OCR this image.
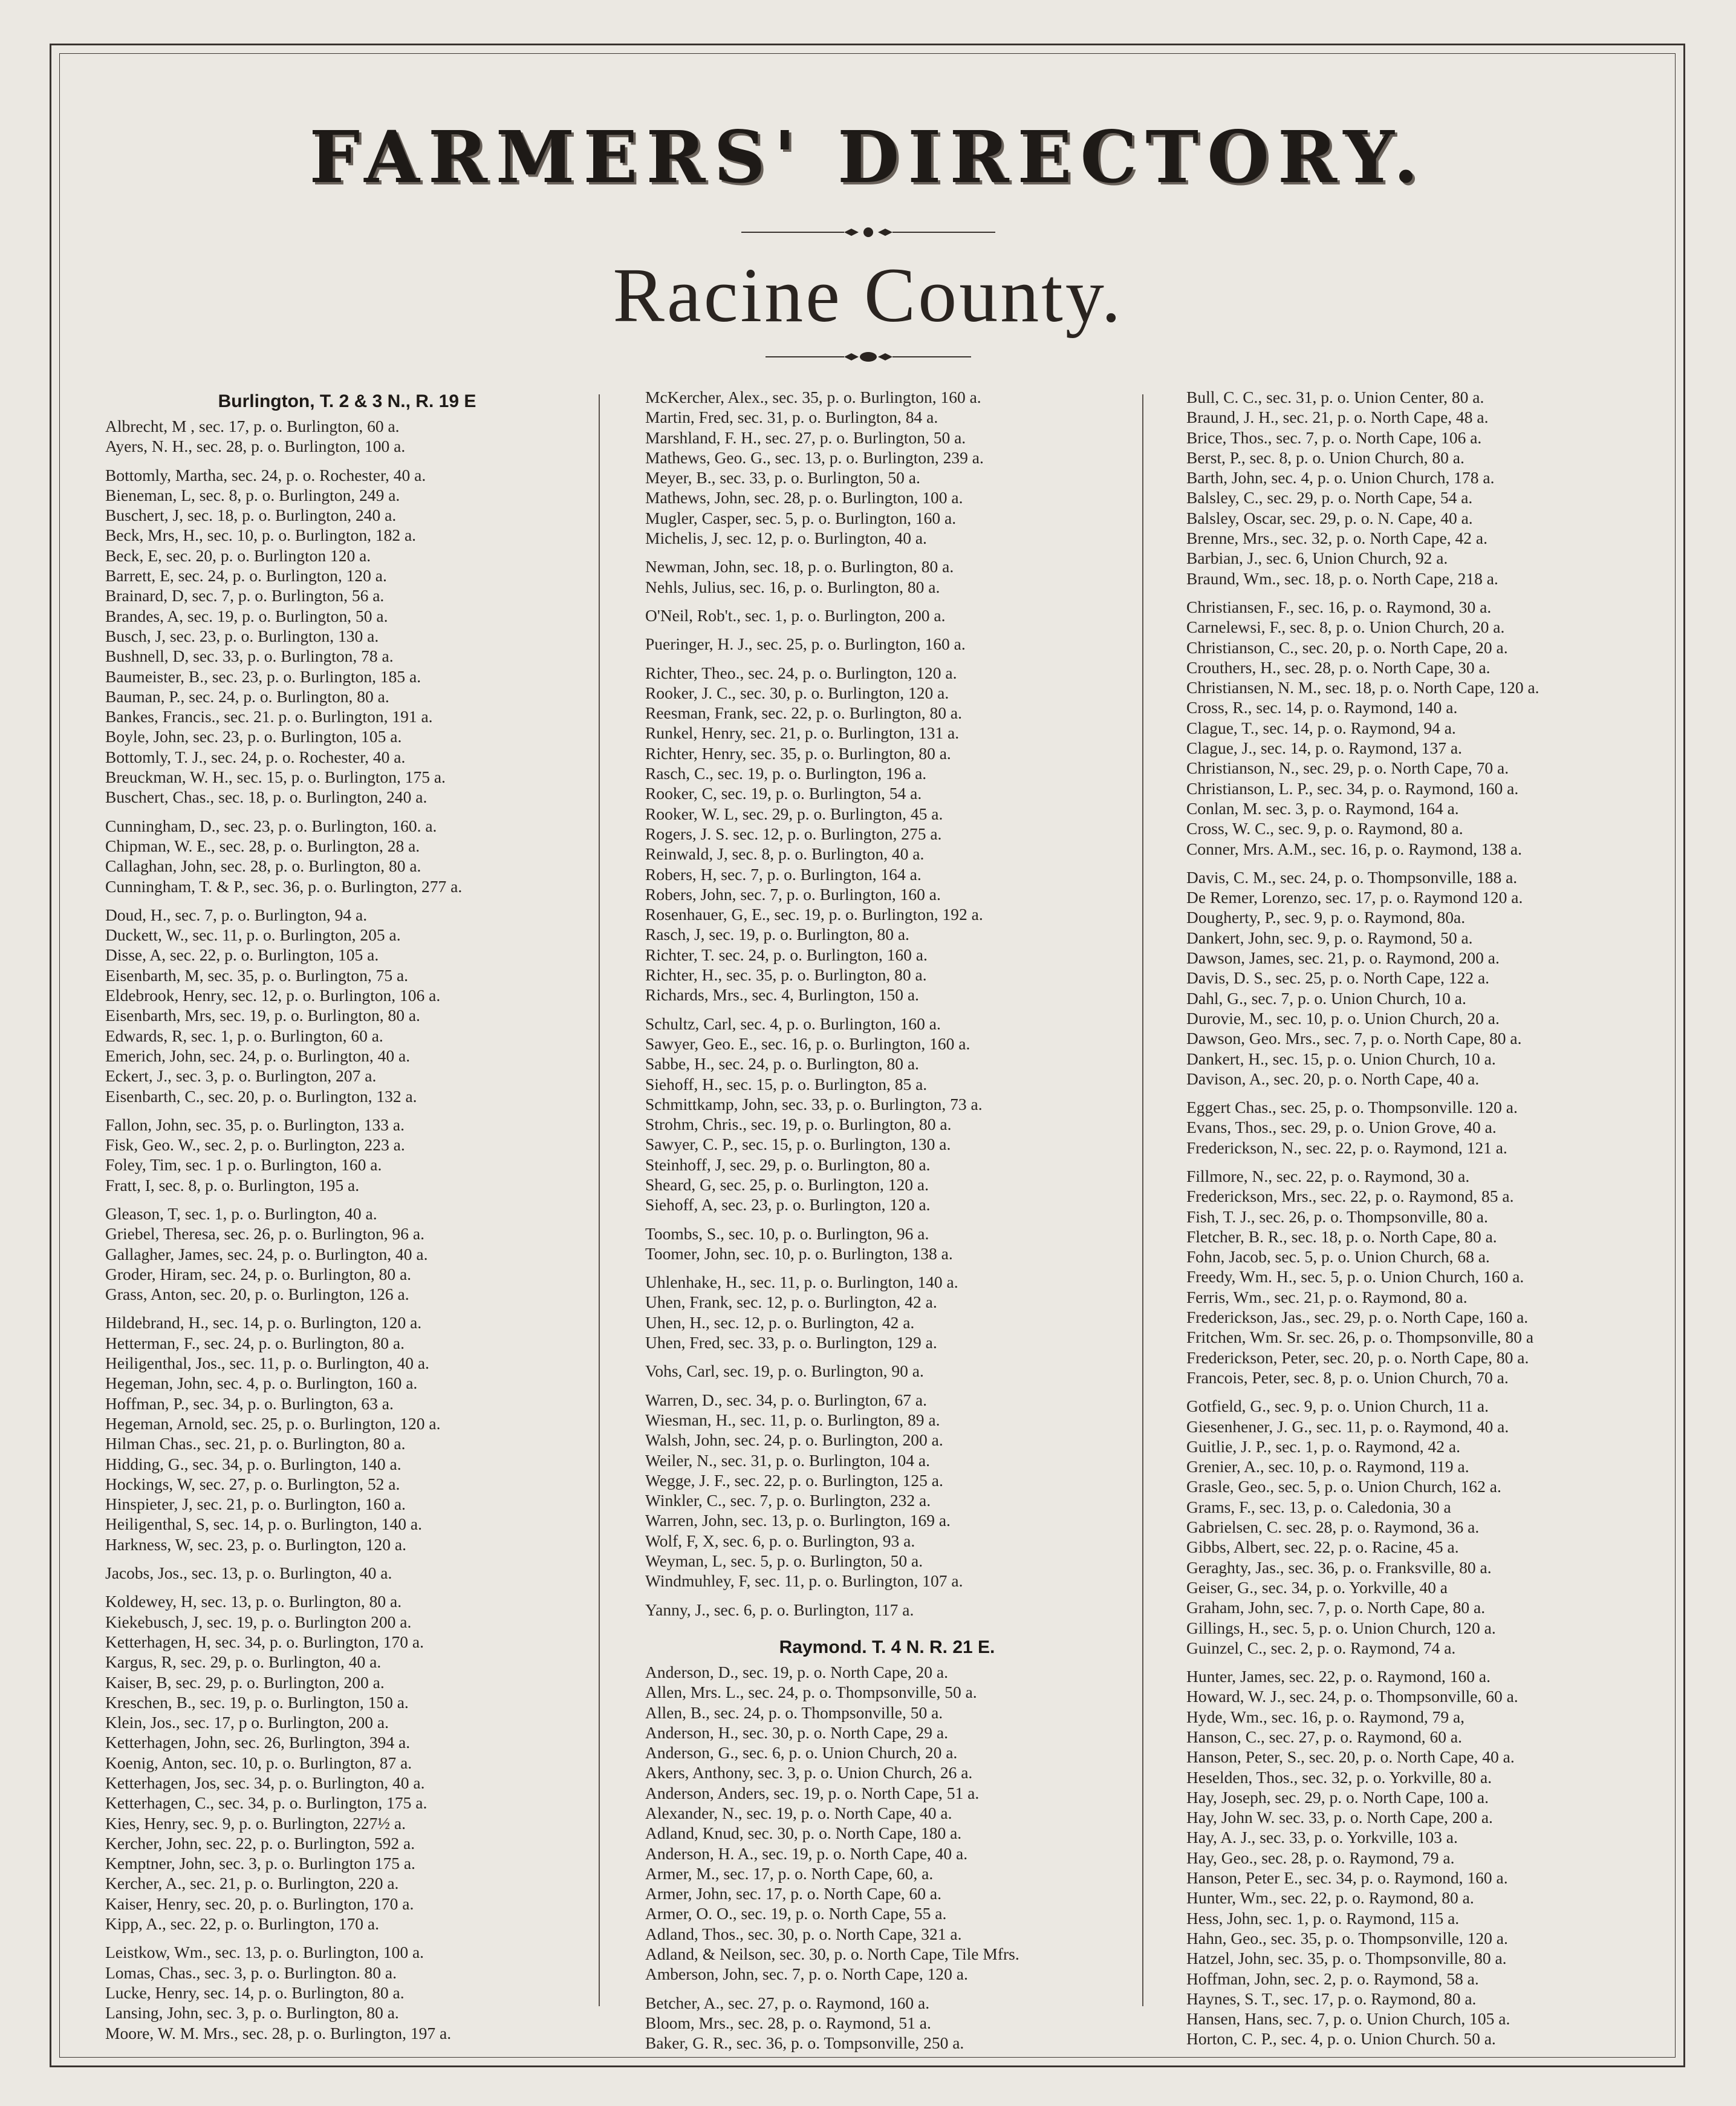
FARMERS' DIRECTORY.
Racine County.
Burlington, T. 2 & 3 N., R. 19 E
Albrecht, M , sec. 17, p. o. Burlington, 60 a.
Ayers, N. H., sec. 28, p. o. Burlington, 100 a.
Bottomly, Martha, sec. 24, p. o. Rochester, 40 a.
Bieneman, L, sec. 8, p. o. Burlington, 249 a.
Buschert, J, sec. 18, p. o. Burlington, 240 a.
Beck, Mrs, H., sec. 10, p. o. Burlington, 182 a.
Beck, E, sec. 20, p. o. Burlington 120 a.
Barrett, E, sec. 24, p. o. Burlington, 120 a.
Brainard, D, sec. 7, p. o. Burlington, 56 a.
Brandes, A, sec. 19, p. o. Burlington, 50 a.
Busch, J, sec. 23, p. o. Burlington, 130 a.
Bushnell, D, sec. 33, p. o. Burlington, 78 a.
Baumeister, B., sec. 23, p. o. Burlington, 185 a.
Bauman, P., sec. 24, p. o. Burlington, 80 a.
Bankes, Francis., sec. 21. p. o. Burlington, 191 a.
Boyle, John, sec. 23, p. o. Burlington, 105 a.
Bottomly, T. J., sec. 24, p. o. Rochester, 40 a.
Breuckman, W. H., sec. 15, p. o. Burlington, 175 a.
Buschert, Chas., sec. 18, p. o. Burlington, 240 a.
Cunningham, D., sec. 23, p. o. Burlington, 160. a.
Chipman, W. E., sec. 28, p. o. Burlington, 28 a.
Callaghan, John, sec. 28, p. o. Burlington, 80 a.
Cunningham, T. & P., sec. 36, p. o. Burlington, 277 a.
Doud, H., sec. 7, p. o. Burlington, 94 a.
Duckett, W., sec. 11, p. o. Burlington, 205 a.
Disse, A, sec. 22, p. o. Burlington, 105 a.
Eisenbarth, M, sec. 35, p. o. Burlington, 75 a.
Eldebrook, Henry, sec. 12, p. o. Burlington, 106 a.
Eisenbarth, Mrs, sec. 19, p. o. Burlington, 80 a.
Edwards, R, sec. 1, p. o. Burlington, 60 a.
Emerich, John, sec. 24, p. o. Burlington, 40 a.
Eckert, J., sec. 3, p. o. Burlington, 207 a.
Eisenbarth, C., sec. 20, p. o. Burlington, 132 a.
Fallon, John, sec. 35, p. o. Burlington, 133 a.
Fisk, Geo. W., sec. 2, p. o. Burlington, 223 a.
Foley, Tim, sec. 1 p. o. Burlington, 160 a.
Fratt, I, sec. 8, p. o. Burlington, 195 a.
Gleason, T, sec. 1, p. o. Burlington, 40 a.
Griebel, Theresa, sec. 26, p. o. Burlington, 96 a.
Gallagher, James, sec. 24, p. o. Burlington, 40 a.
Groder, Hiram, sec. 24, p. o. Burlington, 80 a.
Grass, Anton, sec. 20, p. o. Burlington, 126 a.
Hildebrand, H., sec. 14, p. o. Burlington, 120 a.
Hetterman, F., sec. 24, p. o. Burlington, 80 a.
Heiligenthal, Jos., sec. 11, p. o. Burlington, 40 a.
Hegeman, John, sec. 4, p. o. Burlington, 160 a.
Hoffman, P., sec. 34, p. o. Burlington, 63 a.
Hegeman, Arnold, sec. 25, p. o. Burlington, 120 a.
Hilman Chas., sec. 21, p. o. Burlington, 80 a.
Hidding, G., sec. 34, p. o. Burlington, 140 a.
Hockings, W, sec. 27, p. o. Burlington, 52 a.
Hinspieter, J, sec. 21, p. o. Burlington, 160 a.
Heiligenthal, S, sec. 14, p. o. Burlington, 140 a.
Harkness, W, sec. 23, p. o. Burlington, 120 a.
Jacobs, Jos., sec. 13, p. o. Burlington, 40 a.
Koldewey, H, sec. 13, p. o. Burlington, 80 a.
Kiekebusch, J, sec. 19, p. o. Burlington 200 a.
Ketterhagen, H, sec. 34, p. o. Burlington, 170 a.
Kargus, R, sec. 29, p. o. Burlington, 40 a.
Kaiser, B, sec. 29, p. o. Burlington, 200 a.
Kreschen, B., sec. 19, p. o. Burlington, 150 a.
Klein, Jos., sec. 17, p o. Burlington, 200 a.
Ketterhagen, John, sec. 26, Burlington, 394 a.
Koenig, Anton, sec. 10, p. o. Burlington, 87 a.
Ketterhagen, Jos, sec. 34, p. o. Burlington, 40 a.
Ketterhagen, C., sec. 34, p. o. Burlington, 175 a.
Kies, Henry, sec. 9, p. o. Burlington, 227½ a.
Kercher, John, sec. 22, p. o. Burlington, 592 a.
Kemptner, John, sec. 3, p. o. Burlington 175 a.
Kercher, A., sec. 21, p. o. Burlington, 220 a.
Kaiser, Henry, sec. 20, p. o. Burlington, 170 a.
Kipp, A., sec. 22, p. o. Burlington, 170 a.
Leistkow, Wm., sec. 13, p. o. Burlington, 100 a.
Lomas, Chas., sec. 3, p. o. Burlington. 80 a.
Lucke, Henry, sec. 14, p. o. Burlington, 80 a.
Lansing, John, sec. 3, p. o. Burlington, 80 a.
Moore, W. M. Mrs., sec. 28, p. o. Burlington, 197 a.
McKercher, Alex., sec. 35, p. o. Burlington, 160 a.
Martin, Fred, sec. 31, p. o. Burlington, 84 a.
Marshland, F. H., sec. 27, p. o. Burlington, 50 a.
Mathews, Geo. G., sec. 13, p. o. Burlington, 239 a.
Meyer, B., sec. 33, p. o. Burlington, 50 a.
Mathews, John, sec. 28, p. o. Burlington, 100 a.
Mugler, Casper, sec. 5, p. o. Burlington, 160 a.
Michelis, J, sec. 12, p. o. Burlington, 40 a.
Newman, John, sec. 18, p. o. Burlington, 80 a.
Nehls, Julius, sec. 16, p. o. Burlington, 80 a.
O'Neil, Rob't., sec. 1, p. o. Burlington, 200 a.
Pueringer, H. J., sec. 25, p. o. Burlington, 160 a.
Richter, Theo., sec. 24, p. o. Burlington, 120 a.
Rooker, J. C., sec. 30, p. o. Burlington, 120 a.
Reesman, Frank, sec. 22, p. o. Burlington, 80 a.
Runkel, Henry, sec. 21, p. o. Burlington, 131 a.
Richter, Henry, sec. 35, p. o. Burlington, 80 a.
Rasch, C., sec. 19, p. o. Burlington, 196 a.
Rooker, C, sec. 19, p. o. Burlington, 54 a.
Rooker, W. L, sec. 29, p. o. Burlington, 45 a.
Rogers, J. S. sec. 12, p. o. Burlington, 275 a.
Reinwald, J, sec. 8, p. o. Burlington, 40 a.
Robers, H, sec. 7, p. o. Burlington, 164 a.
Robers, John, sec. 7, p. o. Burlington, 160 a.
Rosenhauer, G, E., sec. 19, p. o. Burlington, 192 a.
Rasch, J, sec. 19, p. o. Burlington, 80 a.
Richter, T. sec. 24, p. o. Burlington, 160 a.
Richter, H., sec. 35, p. o. Burlington, 80 a.
Richards, Mrs., sec. 4, Burlington, 150 a.
Schultz, Carl, sec. 4, p. o. Burlington, 160 a.
Sawyer, Geo. E., sec. 16, p. o. Burlington, 160 a.
Sabbe, H., sec. 24, p. o. Burlington, 80 a.
Siehoff, H., sec. 15, p. o. Burlington, 85 a.
Schmittkamp, John, sec. 33, p. o. Burlington, 73 a.
Strohm, Chris., sec. 19, p. o. Burlington, 80 a.
Sawyer, C. P., sec. 15, p. o. Burlington, 130 a.
Steinhoff, J, sec. 29, p. o. Burlington, 80 a.
Sheard, G, sec. 25, p. o. Burlington, 120 a.
Siehoff, A, sec. 23, p. o. Burlington, 120 a.
Toombs, S., sec. 10, p. o. Burlington, 96 a.
Toomer, John, sec. 10, p. o. Burlington, 138 a.
Uhlenhake, H., sec. 11, p. o. Burlington, 140 a.
Uhen, Frank, sec. 12, p. o. Burlington, 42 a.
Uhen, H., sec. 12, p. o. Burlington, 42 a.
Uhen, Fred, sec. 33, p. o. Burlington, 129 a.
Vohs, Carl, sec. 19, p. o. Burlington, 90 a.
Warren, D., sec. 34, p. o. Burlington, 67 a.
Wiesman, H., sec. 11, p. o. Burlington, 89 a.
Walsh, John, sec. 24, p. o. Burlington, 200 a.
Weiler, N., sec. 31, p. o. Burlington, 104 a.
Wegge, J. F., sec. 22, p. o. Burlington, 125 a.
Winkler, C., sec. 7, p. o. Burlington, 232 a.
Warren, John, sec. 13, p. o. Burlington, 169 a.
Wolf, F, X, sec. 6, p. o. Burlington, 93 a.
Weyman, L, sec. 5, p. o. Burlington, 50 a.
Windmuhley, F, sec. 11, p. o. Burlington, 107 a.
Yanny, J., sec. 6, p. o. Burlington, 117 a.
Raymond. T. 4 N. R. 21 E.
Anderson, D., sec. 19, p. o. North Cape, 20 a.
Allen, Mrs. L., sec. 24, p. o. Thompsonville, 50 a.
Allen, B., sec. 24, p. o. Thompsonville, 50 a.
Anderson, H., sec. 30, p. o. North Cape, 29 a.
Anderson, G., sec. 6, p. o. Union Church, 20 a.
Akers, Anthony, sec. 3, p. o. Union Church, 26 a.
Anderson, Anders, sec. 19, p. o. North Cape, 51 a.
Alexander, N., sec. 19, p. o. North Cape, 40 a.
Adland, Knud, sec. 30, p. o. North Cape, 180 a.
Anderson, H. A., sec. 19, p. o. North Cape, 40 a.
Armer, M., sec. 17, p. o. North Cape, 60, a.
Armer, John, sec. 17, p. o. North Cape, 60 a.
Armer, O. O., sec. 19, p. o. North Cape, 55 a.
Adland, Thos., sec. 30, p. o. North Cape, 321 a.
Adland, & Neilson, sec. 30, p. o. North Cape, Tile Mfrs.
Amberson, John, sec. 7, p. o. North Cape, 120 a.
Betcher, A., sec. 27, p. o. Raymond, 160 a.
Bloom, Mrs., sec. 28, p. o. Raymond, 51 a.
Baker, G. R., sec. 36, p. o. Tompsonville, 250 a.
Bull, C. C., sec. 31, p. o. Union Center, 80 a.
Braund, J. H., sec. 21, p. o. North Cape, 48 a.
Brice, Thos., sec. 7, p. o. North Cape, 106 a.
Berst, P., sec. 8, p. o. Union Church, 80 a.
Barth, John, sec. 4, p. o. Union Church, 178 a.
Balsley, C., sec. 29, p. o. North Cape, 54 a.
Balsley, Oscar, sec. 29, p. o. N. Cape, 40 a.
Brenne, Mrs., sec. 32, p. o. North Cape, 42 a.
Barbian, J., sec. 6, Union Church, 92 a.
Braund, Wm., sec. 18, p. o. North Cape, 218 a.
Christiansen, F., sec. 16, p. o. Raymond, 30 a.
Carnelewsi, F., sec. 8, p. o. Union Church, 20 a.
Christianson, C., sec. 20, p. o. North Cape, 20 a.
Crouthers, H., sec. 28, p. o. North Cape, 30 a.
Christiansen, N. M., sec. 18, p. o. North Cape, 120 a.
Cross, R., sec. 14, p. o. Raymond, 140 a.
Clague, T., sec. 14, p. o. Raymond, 94 a.
Clague, J., sec. 14, p. o. Raymond, 137 a.
Christianson, N., sec. 29, p. o. North Cape, 70 a.
Christianson, L. P., sec. 34, p. o. Raymond, 160 a.
Conlan, M. sec. 3, p. o. Raymond, 164 a.
Cross, W. C., sec. 9, p. o. Raymond, 80 a.
Conner, Mrs. A.M., sec. 16, p. o. Raymond, 138 a.
Davis, C. M., sec. 24, p. o. Thompsonville, 188 a.
De Remer, Lorenzo, sec. 17, p. o. Raymond 120 a.
Dougherty, P., sec. 9, p. o. Raymond, 80a.
Dankert, John, sec. 9, p. o. Raymond, 50 a.
Dawson, James, sec. 21, p. o. Raymond, 200 a.
Davis, D. S., sec. 25, p. o. North Cape, 122 a.
Dahl, G., sec. 7, p. o. Union Church, 10 a.
Durovie, M., sec. 10, p. o. Union Church, 20 a.
Dawson, Geo. Mrs., sec. 7, p. o. North Cape, 80 a.
Dankert, H., sec. 15, p. o. Union Church, 10 a.
Davison, A., sec. 20, p. o. North Cape, 40 a.
Eggert Chas., sec. 25, p. o. Thompsonville. 120 a.
Evans, Thos., sec. 29, p. o. Union Grove, 40 a.
Frederickson, N., sec. 22, p. o. Raymond, 121 a.
Fillmore, N., sec. 22, p. o. Raymond, 30 a.
Frederickson, Mrs., sec. 22, p. o. Raymond, 85 a.
Fish, T. J., sec. 26, p. o. Thompsonville, 80 a.
Fletcher, B. R., sec. 18, p. o. North Cape, 80 a.
Fohn, Jacob, sec. 5, p. o. Union Church, 68 a.
Freedy, Wm. H., sec. 5, p. o. Union Church, 160 a.
Ferris, Wm., sec. 21, p. o. Raymond, 80 a.
Frederickson, Jas., sec. 29, p. o. North Cape, 160 a.
Fritchen, Wm. Sr. sec. 26, p. o. Thompsonville, 80 a
Frederickson, Peter, sec. 20, p. o. North Cape, 80 a.
Francois, Peter, sec. 8, p. o. Union Church, 70 a.
Gotfield, G., sec. 9, p. o. Union Church, 11 a.
Giesenhener, J. G., sec. 11, p. o. Raymond, 40 a.
Guitlie, J. P., sec. 1, p. o. Raymond, 42 a.
Grenier, A., sec. 10, p. o. Raymond, 119 a.
Grasle, Geo., sec. 5, p. o. Union Church, 162 a.
Grams, F., sec. 13, p. o. Caledonia, 30 a
Gabrielsen, C. sec. 28, p. o. Raymond, 36 a.
Gibbs, Albert, sec. 22, p. o. Racine, 45 a.
Geraghty, Jas., sec. 36, p. o. Franksville, 80 a.
Geiser, G., sec. 34, p. o. Yorkville, 40 a
Graham, John, sec. 7, p. o. North Cape, 80 a.
Gillings, H., sec. 5, p. o. Union Church, 120 a.
Guinzel, C., sec. 2, p. o. Raymond, 74 a.
Hunter, James, sec. 22, p. o. Raymond, 160 a.
Howard, W. J., sec. 24, p. o. Thompsonville, 60 a.
Hyde, Wm., sec. 16, p. o. Raymond, 79 a,
Hanson, C., sec. 27, p. o. Raymond, 60 a.
Hanson, Peter, S., sec. 20, p. o. North Cape, 40 a.
Heselden, Thos., sec. 32, p. o. Yorkville, 80 a.
Hay, Joseph, sec. 29, p. o. North Cape, 100 a.
Hay, John W. sec. 33, p. o. North Cape, 200 a.
Hay, A. J., sec. 33, p. o. Yorkville, 103 a.
Hay, Geo., sec. 28, p. o. Raymond, 79 a.
Hanson, Peter E., sec. 34, p. o. Raymond, 160 a.
Hunter, Wm., sec. 22, p. o. Raymond, 80 a.
Hess, John, sec. 1, p. o. Raymond, 115 a.
Hahn, Geo., sec. 35, p. o. Thompsonville, 120 a.
Hatzel, John, sec. 35, p. o. Thompsonville, 80 a.
Hoffman, John, sec. 2, p. o. Raymond, 58 a.
Haynes, S. T., sec. 17, p. o. Raymond, 80 a.
Hansen, Hans, sec. 7, p. o. Union Church, 105 a.
Horton, C. P., sec. 4, p. o. Union Church. 50 a.
